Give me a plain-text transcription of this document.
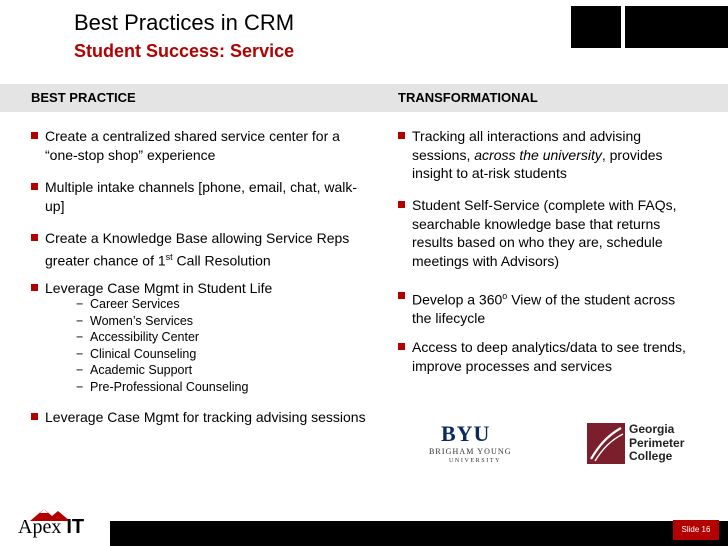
Best Practices in CRM
Student Success: Service
BEST PRACTICE	TRANSFORMATIONAL
Create a centralized shared service center for a “one-stop shop” experience
Multiple intake channels [phone, email, chat, walk-up]
Create a Knowledge Base allowing Service Reps greater chance of 1st Call Resolution
Leverage Case Mgmt in Student Life
− Career Services
− Women’s Services
− Accessibility Center
− Clinical Counseling
− Academic Support
− Pre-Professional Counseling
Leverage Case Mgmt for tracking advising sessions
Tracking all interactions and advising sessions, across the university, provides insight to at-risk students
Student Self-Service (complete with FAQs, searchable knowledge base that returns results based on who they are, schedule meetings with Advisors)
Develop a 360$^o$ View of the student across the lifecycle
Access to deep analytics/data to see trends, improve processes and services
BYU
BRIGHAM YOUNG
UNIVERSITY
Georgia
Perimeter
College
Apex IT	Slide 16
